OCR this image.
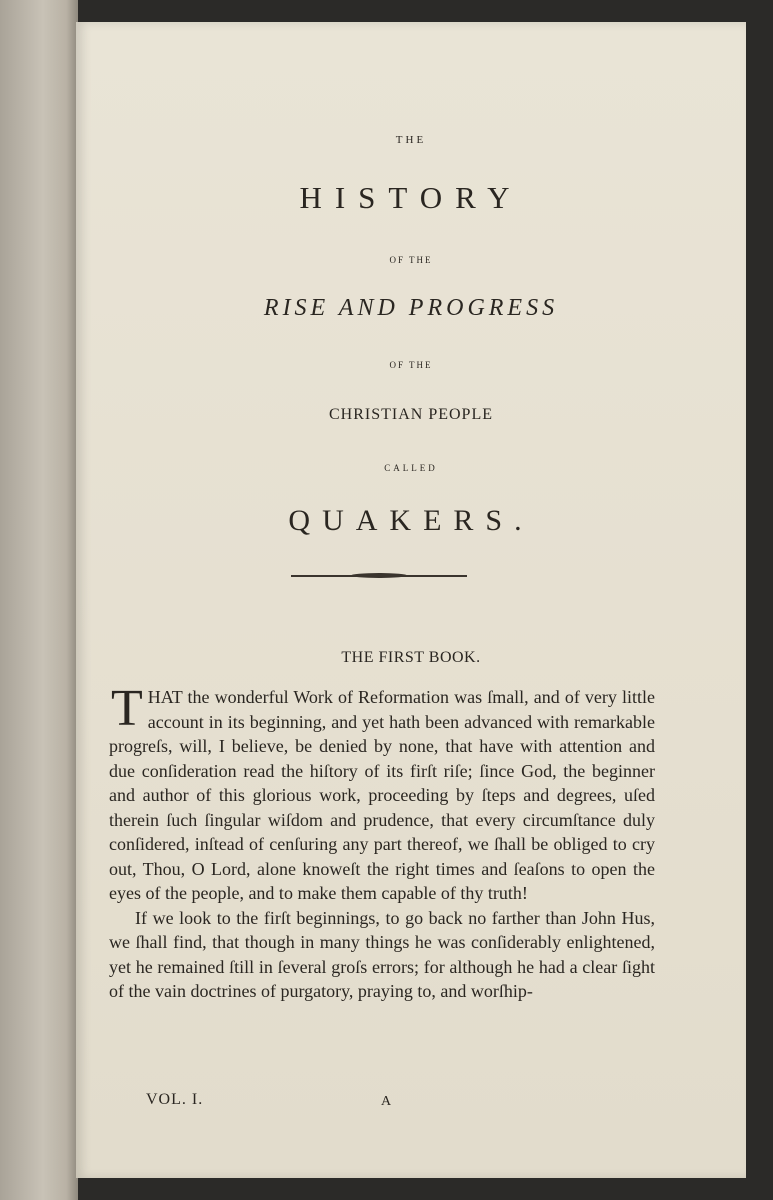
THE
HISTORY
OF THE
RISE AND PROGRESS
OF THE
CHRISTIAN PEOPLE
CALLED
QUAKERS.
THE FIRST BOOK.

THAT the wonderful Work of Reformation was ſmall, and of very little account in its beginning, and yet hath been advanced with remarkable progreſs, will, I believe, be denied by none, that have with attention and due conſideration read the hiſtory of its firſt riſe; ſince God, the beginner and author of this glorious work, proceeding by ſteps and degrees, uſed therein ſuch ſingular wiſdom and prudence, that every circumſtance duly conſidered, inſtead of cenſuring any part thereof, we ſhall be obliged to cry out, Thou, O Lord, alone knoweſt the right times and ſeaſons to open the eyes of the people, and to make them capable of thy truth!

If we look to the firſt beginnings, to go back no farther than John Hus, we ſhall find, that though in many things he was conſiderably enlightened, yet he remained ſtill in ſeveral groſs errors; for although he had a clear ſight of the vain doctrines of purgatory, praying to, and worſhip-

VOL. I.	A
